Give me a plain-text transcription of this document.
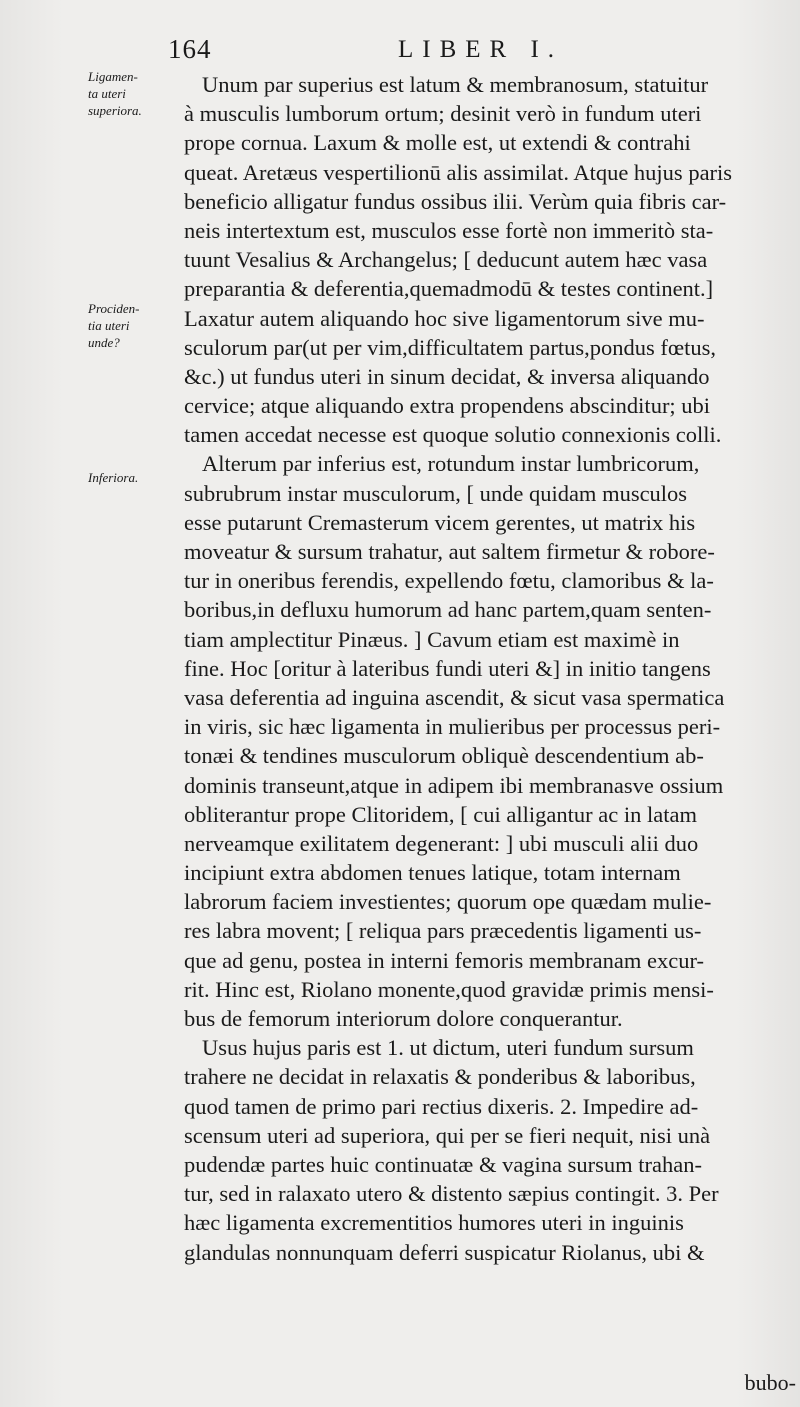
164	LIBER I.
Ligamen-
ta uteri
superiora.
Prociden-
tia uteri
unde?
Inferiora.
Unum par superius est latum & membranosum, statuitur
à musculis lumborum ortum; desinit verò in fundum uteri
prope cornua. Laxum & molle est, ut extendi & contrahi
queat. Aretæus vespertilionū alis assimilat. Atque hujus paris
beneficio alligatur fundus ossibus ilii. Verùm quia fibris car-
neis intertextum est, musculos esse fortè non immeritò sta-
tuunt Vesalius & Archangelus; [ deducunt autem hæc vasa
preparantia & deferentia,quemadmodū & testes continent.]
Laxatur autem aliquando hoc sive ligamentorum sive mu-
sculorum par(ut per vim,difficultatem partus,pondus fœtus,
&c.) ut fundus uteri in sinum decidat, & inversa aliquando
cervice; atque aliquando extra propendens abscinditur; ubi
tamen accedat necesse est quoque solutio connexionis colli.
Alterum par inferius est, rotundum instar lumbricorum,
subrubrum instar musculorum, [ unde quidam musculos
esse putarunt Cremasterum vicem gerentes, ut matrix his
moveatur & sursum trahatur, aut saltem firmetur & robore-
tur in oneribus ferendis, expellendo fœtu, clamoribus & la-
boribus,in defluxu humorum ad hanc partem,quam senten-
tiam amplectitur Pinæus. ] Cavum etiam est maximè in
fine. Hoc [oritur à lateribus fundi uteri &] in initio tangens
vasa deferentia ad inguina ascendit, & sicut vasa spermatica
in viris, sic hæc ligamenta in mulieribus per processus peri-
tonæi & tendines musculorum obliquè descendentium ab-
dominis transeunt,atque in adipem ibi membranasve ossium
obliterantur prope Clitoridem, [ cui alligantur ac in latam
nerveamque exilitatem degenerant: ] ubi musculi alii duo
incipiunt extra abdomen tenues latique, totam internam
labrorum faciem investientes; quorum ope quædam mulie-
res labra movent; [ reliqua pars præcedentis ligamenti us-
que ad genu, postea in interni femoris membranam excur-
rit. Hinc est, Riolano monente,quod gravidæ primis mensi-
bus de femorum interiorum dolore conquerantur.
Usus hujus paris est 1. ut dictum, uteri fundum sursum
trahere ne decidat in relaxatis & ponderibus & laboribus,
quod tamen de primo pari rectius dixeris. 2. Impedire ad-
scensum uteri ad superiora, qui per se fieri nequit, nisi unà
pudendæ partes huic continuatæ & vagina sursum trahan-
tur, sed in ralaxato utero & distento sæpius contingit. 3. Per
hæc ligamenta excrementitios humores uteri in inguinis
glandulas nonnunquam deferri suspicatur Riolanus, ubi &
bubo-
